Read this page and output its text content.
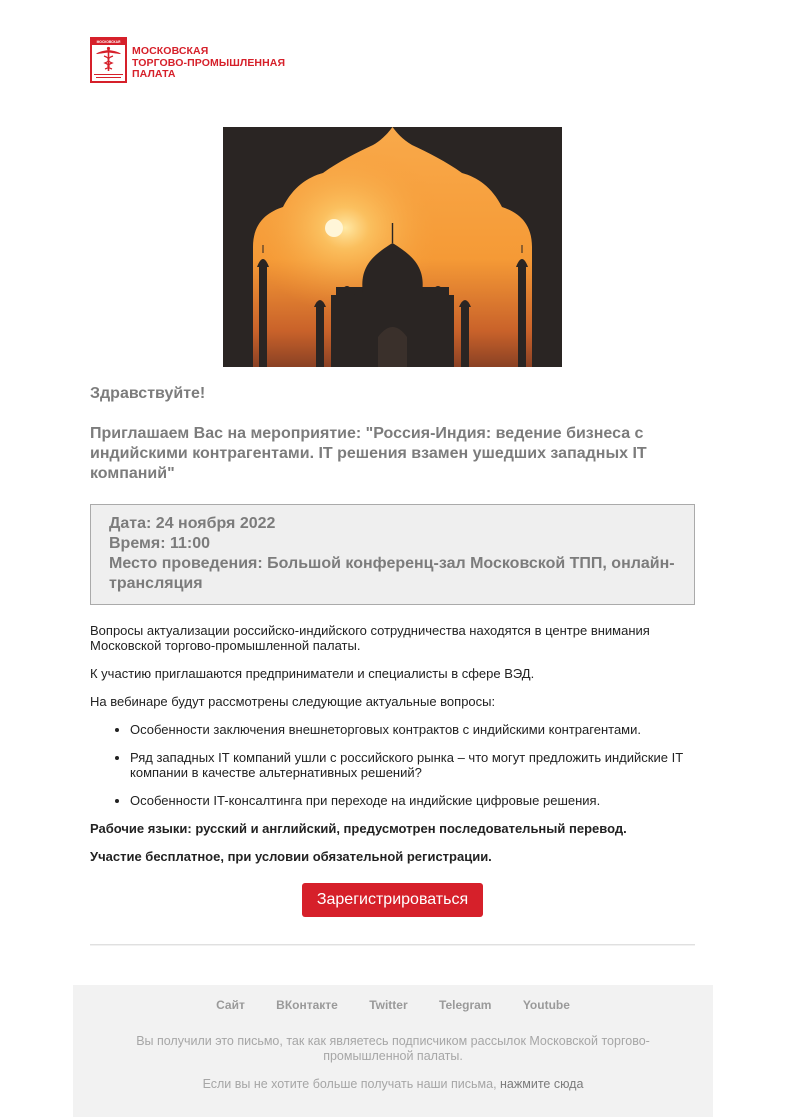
МОСКОВСКАЯ
МОСКОВСКАЯ
ТОРГОВО-ПРОМЫШЛЕННАЯ
ПАЛАТА

Здравствуйте!

Приглашаем Вас на мероприятие: "Россия-Индия: ведение бизнеса с индийскими контрагентами. IT решения взамен ушедших западных IT компаний"

Дата: 24 ноября 2022

Время: 11:00

Место проведения: Большой конференц-зал Московской ТПП, онлайн-трансляция

Вопросы актуализации российско-индийского сотрудничества находятся в центре внимания Московской торгово-промышленной палаты.

К участию приглашаются предприниматели и специалисты в сфере ВЭД.

На вебинаре будут рассмотрены следующие актуальные вопросы:

• Особенности заключения внешнеторговых контрактов с индийскими контрагентами.
• Ряд западных IT компаний ушли с российского рынка – что могут предложить индийские IT компании в качестве альтернативных решений?
• Особенности IT-консалтинга при переходе на индийские цифровые решения.

Рабочие языки: русский и английский, предусмотрен последовательный перевод.

Участие бесплатное, при условии обязательной регистрации.

Зарегистрироваться
Сайт	ВКонтакте	Twitter	Telegram	Youtube
Вы получили это письмо, так как являетесь подписчиком рассылок Московской торгово-промышленной палаты.
Если вы не хотите больше получать наши письма, нажмите сюда
